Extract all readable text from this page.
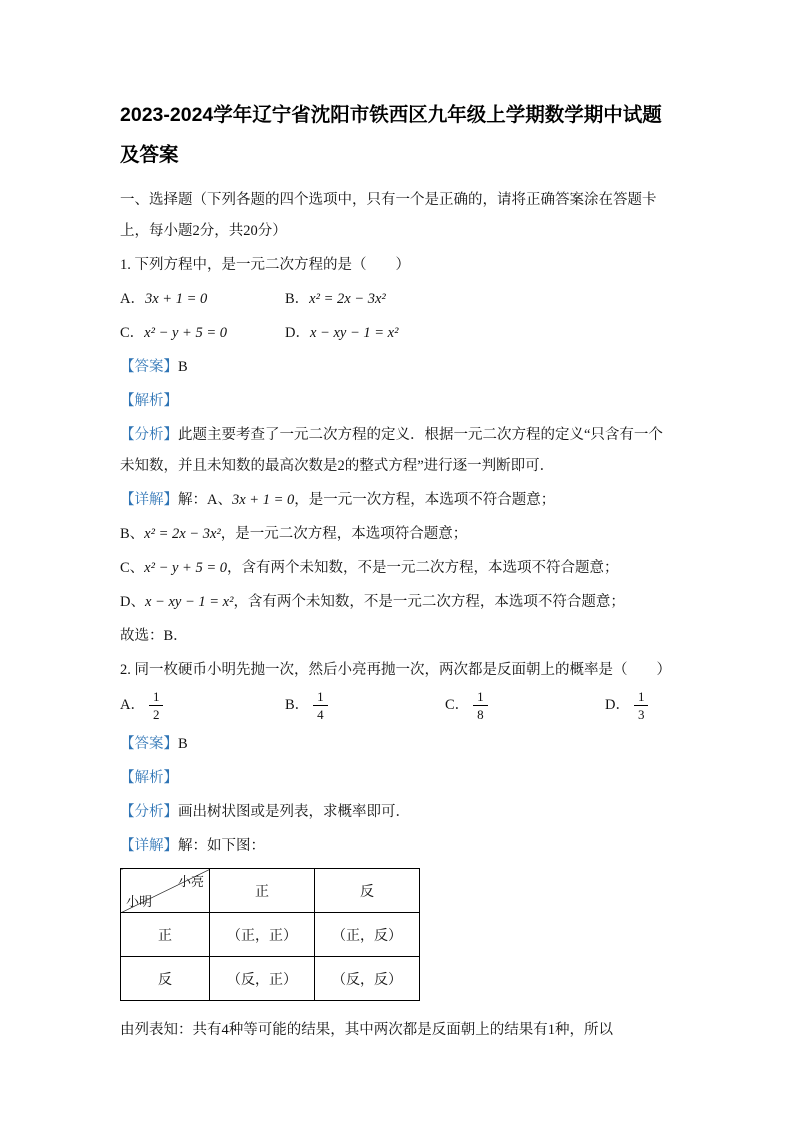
2023-2024学年辽宁省沈阳市铁西区九年级上学期数学期中试题及答案

一、选择题（下列各题的四个选项中，只有一个是正确的，请将正确答案涂在答题卡上，每小题2分，共20分）

1. 下列方程中，是一元二次方程的是（　　）

A．3x + 1 = 0	B．x² = 2x − 3x²
C．x² − y + 5 = 0	D．x − xy − 1 = x²

【答案】B

【解析】

【分析】此题主要考查了一元二次方程的定义．根据一元二次方程的定义“只含有一个未知数，并且未知数的最高次数是2的整式方程”进行逐一判断即可．

【详解】解：A、3x + 1 = 0，是一元一次方程，本选项不符合题意；

B、x² = 2x − 3x²，是一元二次方程，本选项符合题意；

C、x² − y + 5 = 0，含有两个未知数，不是一元二次方程，本选项不符合题意；

D、x − xy − 1 = x²，含有两个未知数，不是一元二次方程，本选项不符合题意；

故选：B．

2. 同一枚硬币小明先抛一次，然后小亮再抛一次，两次都是反面朝上的概率是（　　）

A． $\frac{1}{2}$	B． $\frac{1}{4}$	C． $\frac{1}{8}$	D． $\frac{1}{3}$

【答案】B

【解析】

【分析】画出树状图或是列表，求概率即可．

【详解】解：如下图：

小亮
小明	正	反
正	（正，正）	（正，反）
反	（反，正）	（反，反）

由列表知：共有4种等可能的结果，其中两次都是反面朝上的结果有1种，所以
